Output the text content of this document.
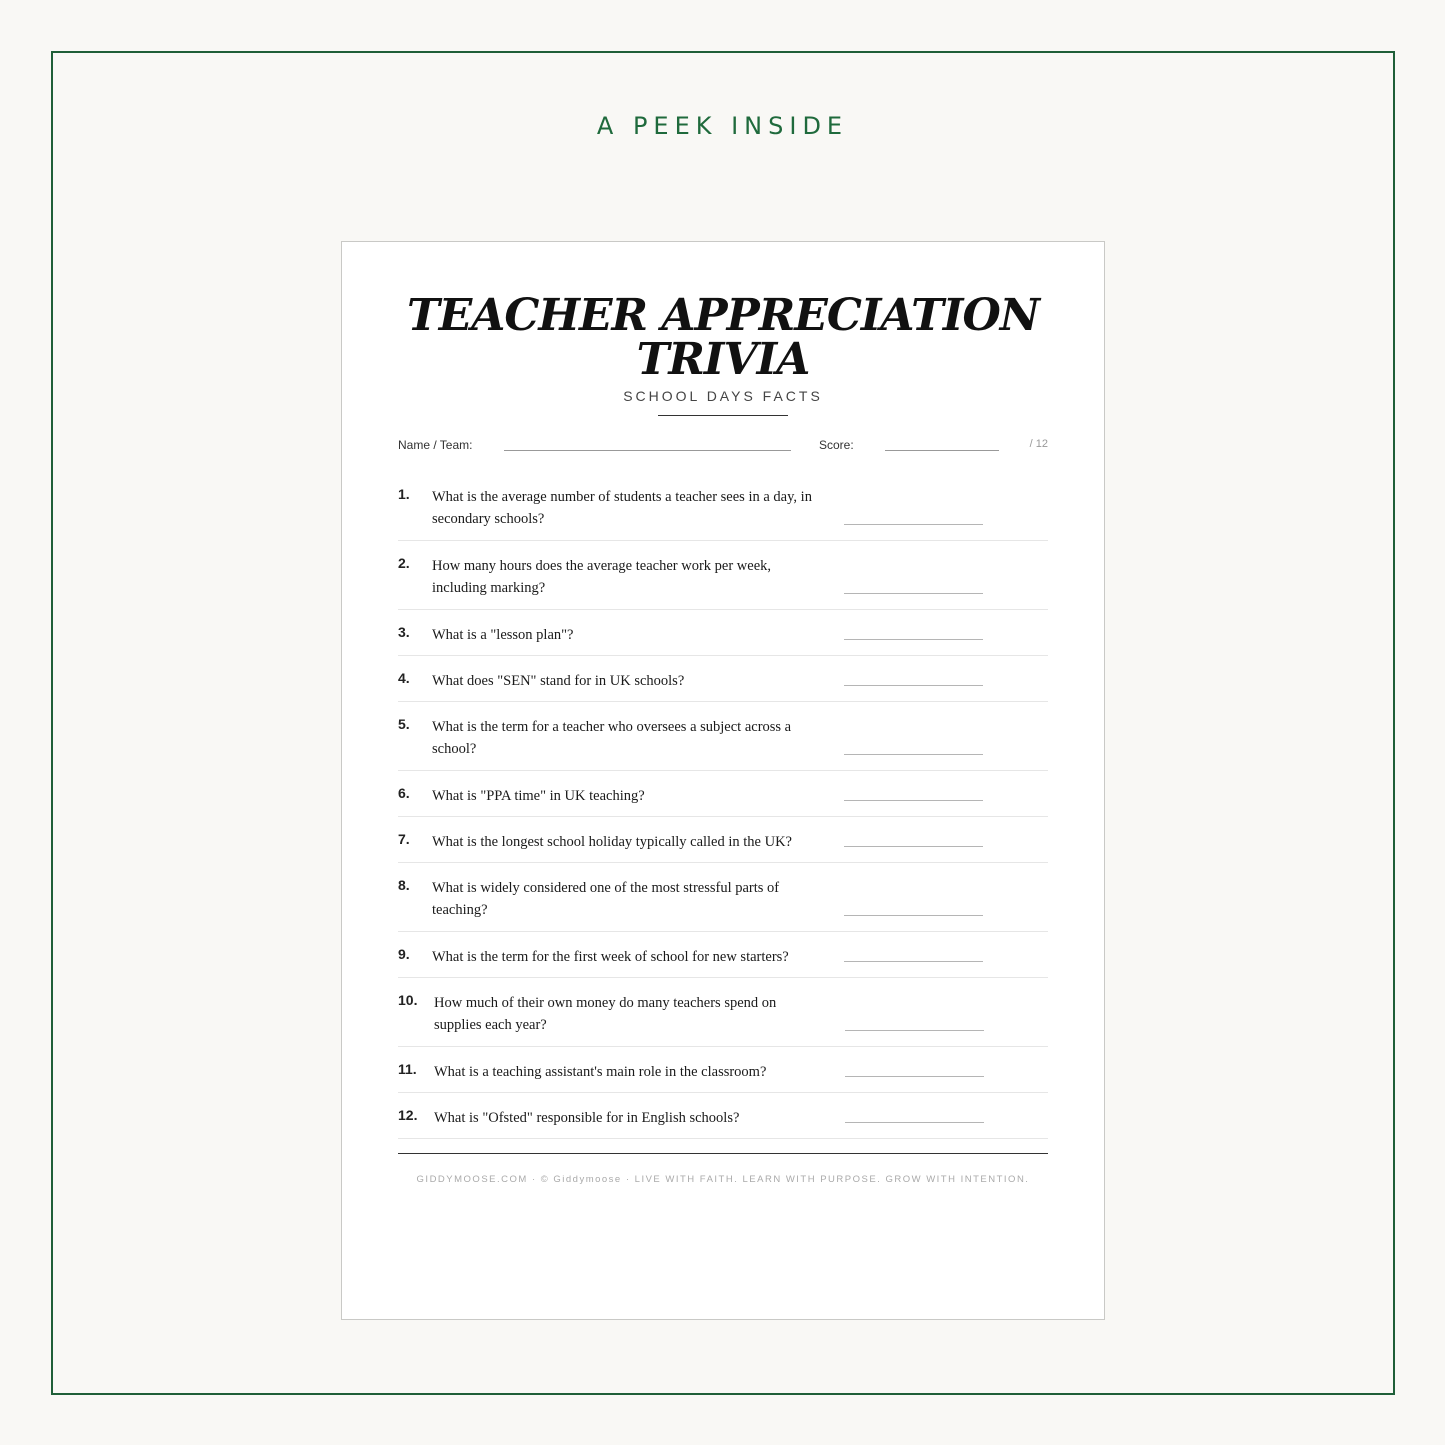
A PEEK INSIDE
TEACHER APPRECIATION
TRIVIA
SCHOOL DAYS FACTS
Name / Team:	Score:	/ 12
1. What is the average number of students a teacher sees in a day, in secondary schools?
2. How many hours does the average teacher work per week, including marking?
3. What is a "lesson plan"?
4. What does "SEN" stand for in UK schools?
5. What is the term for a teacher who oversees a subject across a school?
6. What is "PPA time" in UK teaching?
7. What is the longest school holiday typically called in the UK?
8. What is widely considered one of the most stressful parts of teaching?
9. What is the term for the first week of school for new starters?
10. How much of their own money do many teachers spend on supplies each year?
11. What is a teaching assistant's main role in the classroom?
12. What is "Ofsted" responsible for in English schools?
GIDDYMOOSE.COM · © Giddymoose · LIVE WITH FAITH. LEARN WITH PURPOSE. GROW WITH INTENTION.
